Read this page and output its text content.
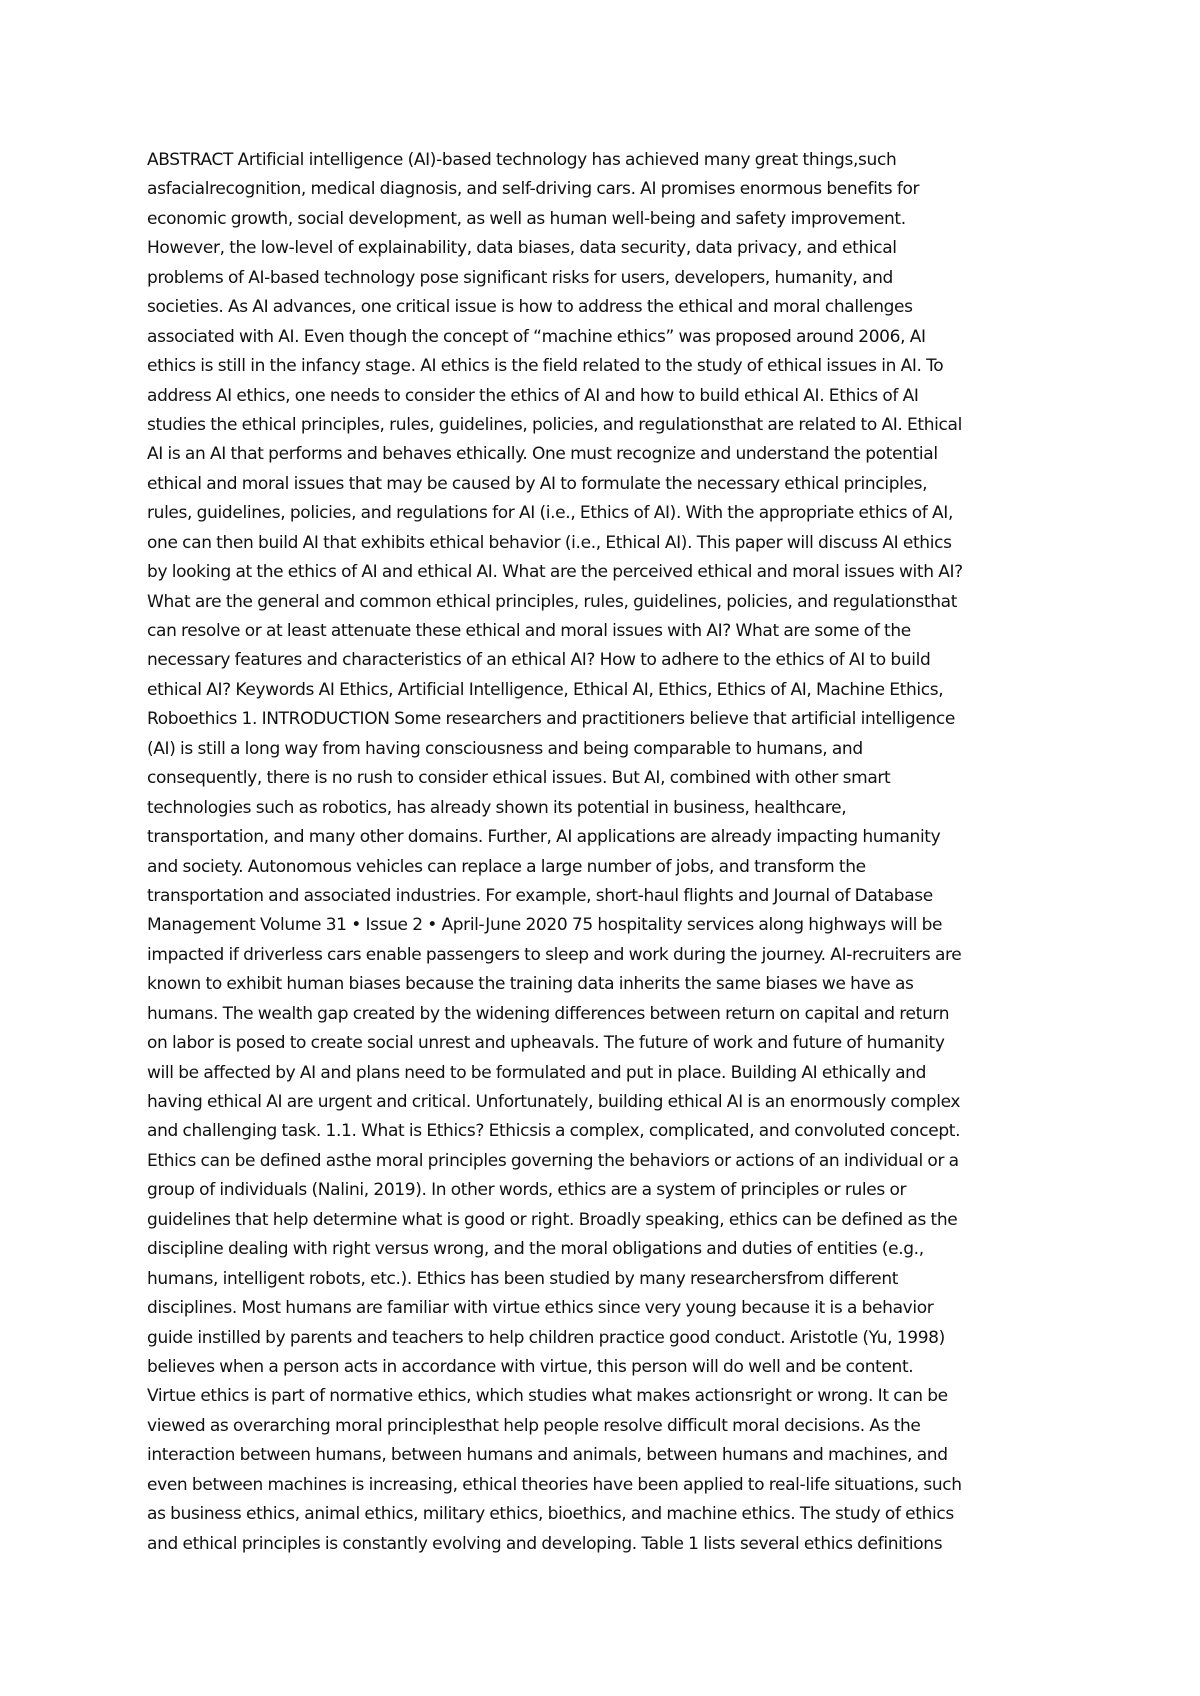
ABSTRACT Artificial intelligence (AI)-based technology has achieved many great things,such
asfacialrecognition, medical diagnosis, and self-driving cars. AI promises enormous benefits for
economic growth, social development, as well as human well-being and safety improvement.
However, the low-level of explainability, data biases, data security, data privacy, and ethical
problems of AI-based technology pose significant risks for users, developers, humanity, and
societies. As AI advances, one critical issue is how to address the ethical and moral challenges
associated with AI. Even though the concept of “machine ethics” was proposed around 2006, AI
ethics is still in the infancy stage. AI ethics is the field related to the study of ethical issues in AI. To
address AI ethics, one needs to consider the ethics of AI and how to build ethical AI. Ethics of AI
studies the ethical principles, rules, guidelines, policies, and regulationsthat are related to AI. Ethical
AI is an AI that performs and behaves ethically. One must recognize and understand the potential
ethical and moral issues that may be caused by AI to formulate the necessary ethical principles,
rules, guidelines, policies, and regulations for AI (i.e., Ethics of AI). With the appropriate ethics of AI,
one can then build AI that exhibits ethical behavior (i.e., Ethical AI). This paper will discuss AI ethics
by looking at the ethics of AI and ethical AI. What are the perceived ethical and moral issues with AI?
What are the general and common ethical principles, rules, guidelines, policies, and regulationsthat
can resolve or at least attenuate these ethical and moral issues with AI? What are some of the
necessary features and characteristics of an ethical AI? How to adhere to the ethics of AI to build
ethical AI? Keywords AI Ethics, Artificial Intelligence, Ethical AI, Ethics, Ethics of AI, Machine Ethics,
Roboethics 1. INTRODUCTION Some researchers and practitioners believe that artificial intelligence
(AI) is still a long way from having consciousness and being comparable to humans, and
consequently, there is no rush to consider ethical issues. But AI, combined with other smart
technologies such as robotics, has already shown its potential in business, healthcare,
transportation, and many other domains. Further, AI applications are already impacting humanity
and society. Autonomous vehicles can replace a large number of jobs, and transform the
transportation and associated industries. For example, short-haul flights and Journal of Database
Management Volume 31 • Issue 2 • April-June 2020 75 hospitality services along highways will be
impacted if driverless cars enable passengers to sleep and work during the journey. AI-recruiters are
known to exhibit human biases because the training data inherits the same biases we have as
humans. The wealth gap created by the widening differences between return on capital and return
on labor is posed to create social unrest and upheavals. The future of work and future of humanity
will be affected by AI and plans need to be formulated and put in place. Building AI ethically and
having ethical AI are urgent and critical. Unfortunately, building ethical AI is an enormously complex
and challenging task. 1.1. What is Ethics? Ethicsis a complex, complicated, and convoluted concept.
Ethics can be defined asthe moral principles governing the behaviors or actions of an individual or a
group of individuals (Nalini, 2019). In other words, ethics are a system of principles or rules or
guidelines that help determine what is good or right. Broadly speaking, ethics can be defined as the
discipline dealing with right versus wrong, and the moral obligations and duties of entities (e.g.,
humans, intelligent robots, etc.). Ethics has been studied by many researchersfrom different
disciplines. Most humans are familiar with virtue ethics since very young because it is a behavior
guide instilled by parents and teachers to help children practice good conduct. Aristotle (Yu, 1998)
believes when a person acts in accordance with virtue, this person will do well and be content.
Virtue ethics is part of normative ethics, which studies what makes actionsright or wrong. It can be
viewed as overarching moral principlesthat help people resolve difficult moral decisions. As the
interaction between humans, between humans and animals, between humans and machines, and
even between machines is increasing, ethical theories have been applied to real-life situations, such
as business ethics, animal ethics, military ethics, bioethics, and machine ethics. The study of ethics
and ethical principles is constantly evolving and developing. Table 1 lists several ethics definitions
